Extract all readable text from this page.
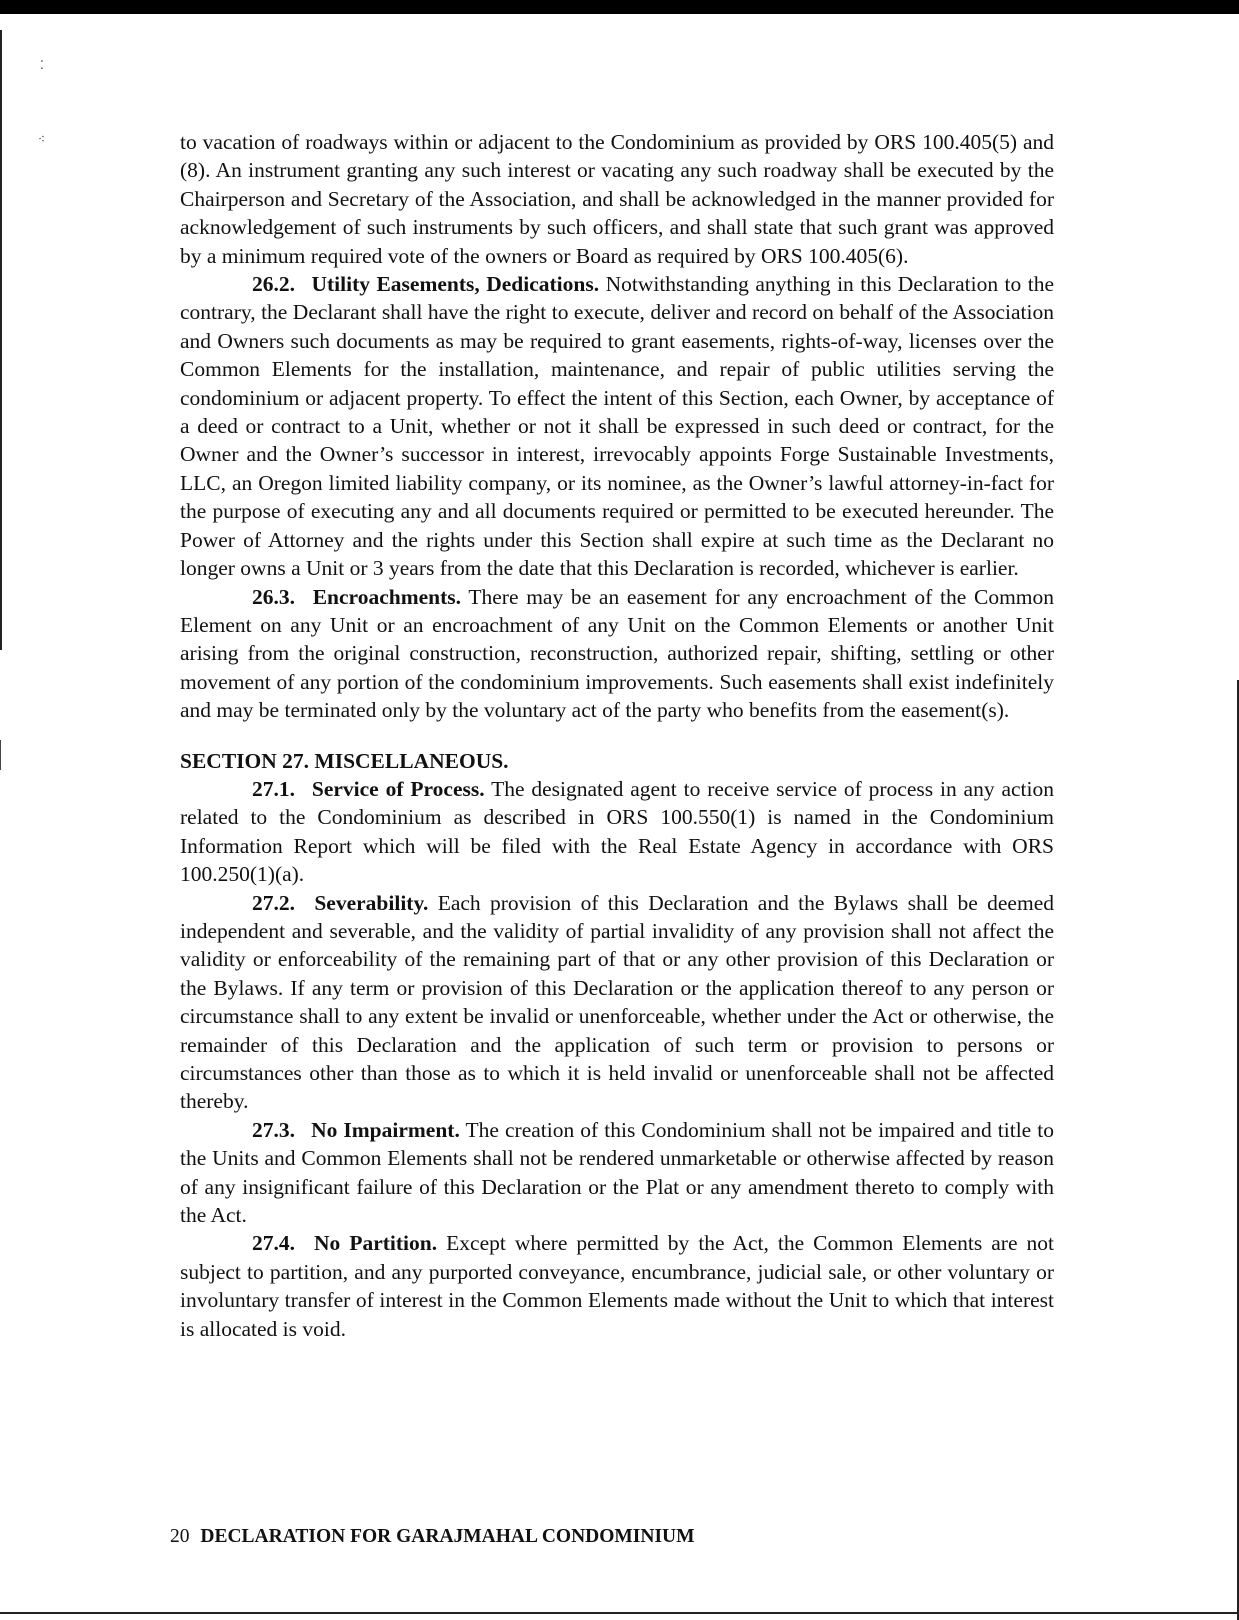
⁚
⁖	to vacation of roadways within or adjacent to the Condominium as provided by ORS 100.405(5) and (8). An instrument granting any such interest or vacating any such roadway shall be executed by the Chairperson and Secretary of the Association, and shall be acknowledged in the manner provided for acknowledgement of such instruments by such officers, and shall state that such grant was approved by a minimum required vote of the owners or Board as required by ORS 100.405(6).

26.2. Utility Easements, Dedications. Notwithstanding anything in this Declaration to the contrary, the Declarant shall have the right to execute, deliver and record on behalf of the Association and Owners such documents as may be required to grant easements, rights-of-way, licenses over the Common Elements for the installation, maintenance, and repair of public utilities serving the condominium or adjacent property. To effect the intent of this Section, each Owner, by acceptance of a deed or contract to a Unit, whether or not it shall be expressed in such deed or contract, for the Owner and the Owner’s successor in interest, irrevocably appoints Forge Sustainable Investments, LLC, an Oregon limited liability company, or its nominee, as the Owner’s lawful attorney-in-fact for the purpose of executing any and all documents required or permitted to be executed hereunder. The Power of Attorney and the rights under this Section shall expire at such time as the Declarant no longer owns a Unit or 3 years from the date that this Declaration is recorded, whichever is earlier.

26.3. Encroachments. There may be an easement for any encroachment of the Common Element on any Unit or an encroachment of any Unit on the Common Elements or another Unit arising from the original construction, reconstruction, authorized repair, shifting, settling or other movement of any portion of the condominium improvements. Such easements shall exist indefinitely and may be terminated only by the voluntary act of the party who benefits from the easement(s).

SECTION 27. MISCELLANEOUS.

27.1. Service of Process. The designated agent to receive service of process in any action related to the Condominium as described in ORS 100.550(1) is named in the Condominium Information Report which will be filed with the Real Estate Agency in accordance with ORS 100.250(1)(a).

27.2. Severability. Each provision of this Declaration and the Bylaws shall be deemed independent and severable, and the validity of partial invalidity of any provision shall not affect the validity or enforceability of the remaining part of that or any other provision of this Declaration or the Bylaws. If any term or provision of this Declaration or the application thereof to any person or circumstance shall to any extent be invalid or unenforceable, whether under the Act or otherwise, the remainder of this Declaration and the application of such term or provision to persons or circumstances other than those as to which it is held invalid or unenforceable shall not be affected thereby.

27.3. No Impairment. The creation of this Condominium shall not be impaired and title to the Units and Common Elements shall not be rendered unmarketable or otherwise affected by reason of any insignificant failure of this Declaration or the Plat or any amendment thereto to comply with the Act.

27.4. No Partition. Except where permitted by the Act, the Common Elements are not subject to partition, and any purported conveyance, encumbrance, judicial sale, or other voluntary or involuntary transfer of interest in the Common Elements made without the Unit to which that interest is allocated is void.

20 DECLARATION FOR GARAJMAHAL CONDOMINIUM
